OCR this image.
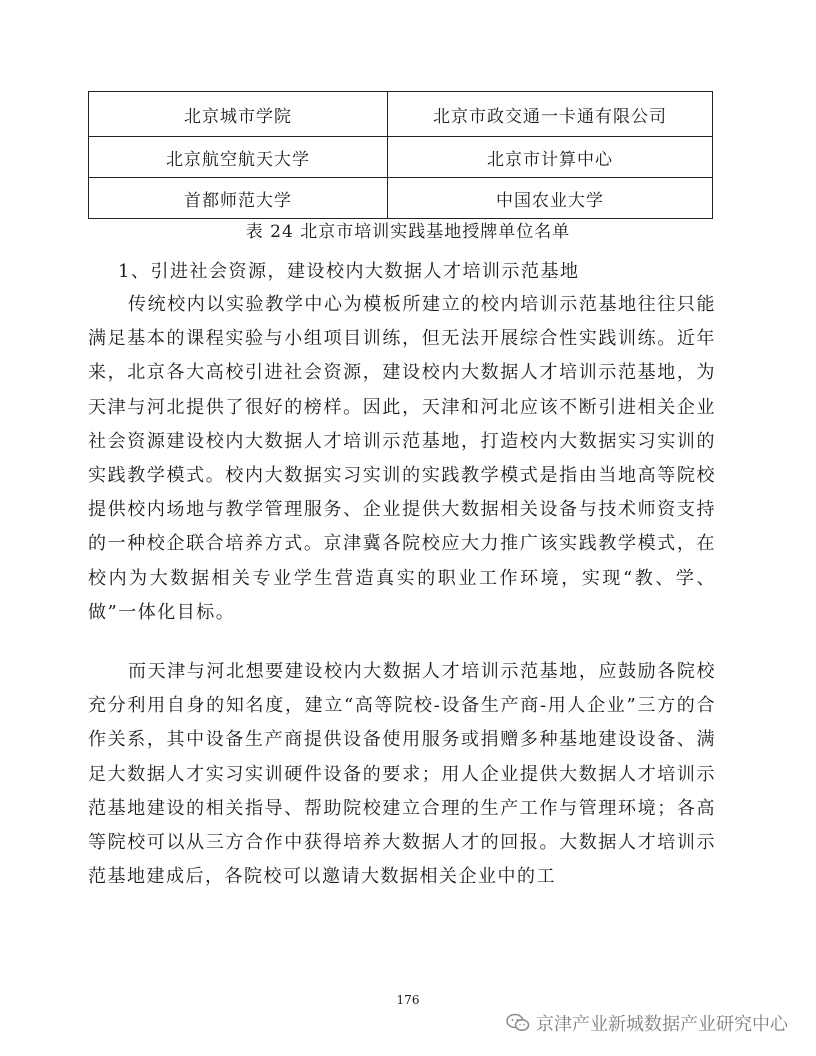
北京城市学院	北京市政交通一卡通有限公司
北京航空航天大学	北京市计算中心
首都师范大学	中国农业大学
表 24 北京市培训实践基地授牌单位名单
1、引进社会资源，建设校内大数据人才培训示范基地

传统校内以实验教学中心为模板所建立的校内培训示范基地往往只能满足基本的课程实验与小组项目训练，但无法开展综合性实践训练。近年来，北京各大高校引进社会资源，建设校内大数据人才培训示范基地，为天津与河北提供了很好的榜样。因此，天津和河北应该不断引进相关企业社会资源建设校内大数据人才培训示范基地，打造校内大数据实习实训的实践教学模式。校内大数据实习实训的实践教学模式是指由当地高等院校提供校内场地与教学管理服务、企业提供大数据相关设备与技术师资支持的一种校企联合培养方式。京津冀各院校应大力推广该实践教学模式，在校内为大数据相关专业学生营造真实的职业工作环境，实现“教、学、做”一体化目标。

而天津与河北想要建设校内大数据人才培训示范基地，应鼓励各院校充分利用自身的知名度，建立“高等院校-设备生产商-用人企业”三方的合作关系，其中设备生产商提供设备使用服务或捐赠多种基地建设设备、满足大数据人才实习实训硬件设备的要求；用人企业提供大数据人才培训示范基地建设的相关指导、帮助院校建立合理的生产工作与管理环境；各高等院校可以从三方合作中获得培养大数据人才的回报。大数据人才培训示范基地建成后，各院校可以邀请大数据相关企业中的工

176
京津产业新城数据产业研究中心
